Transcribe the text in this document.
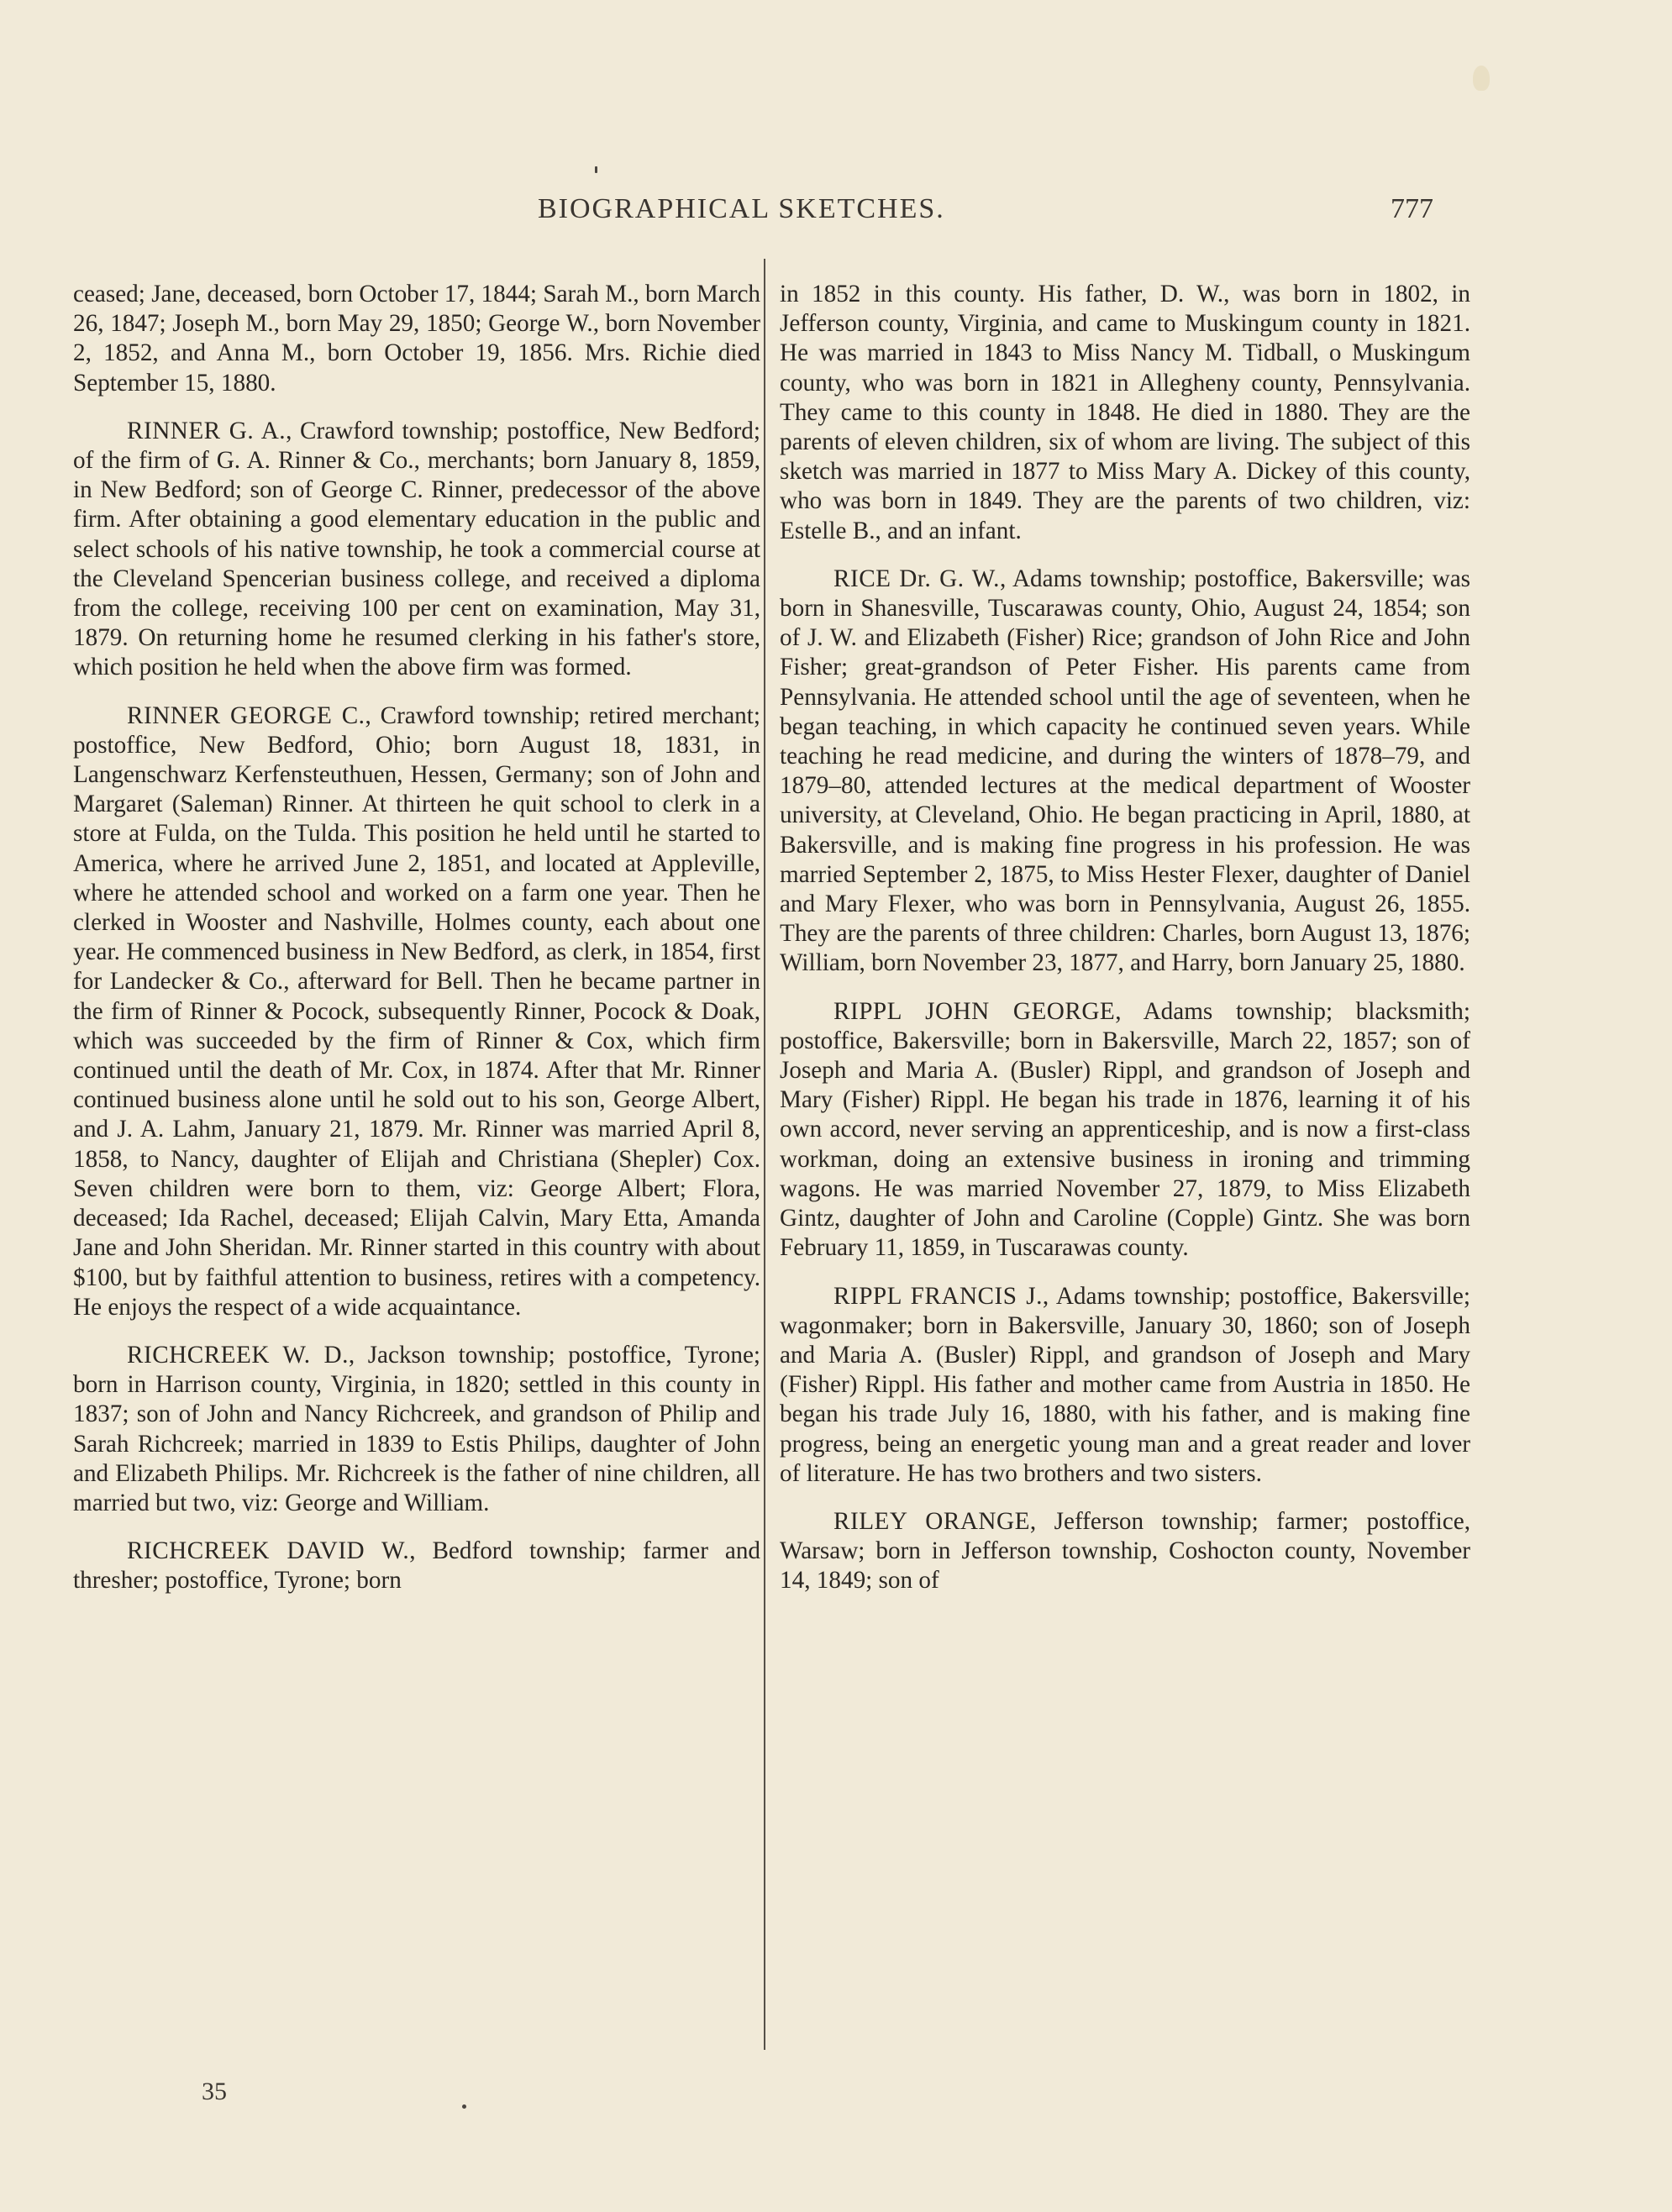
BIOGRAPHICAL SKETCHES.	777

ceased; Jane, deceased, born October 17, 1844; Sarah M., born March 26, 1847; Joseph M., born May 29, 1850; George W., born November 2, 1852, and Anna M., born October 19, 1856. Mrs. Richie died September 15, 1880.

RINNER G. A., Crawford township; postoffice, New Bedford; of the firm of G. A. Rinner & Co., merchants; born January 8, 1859, in New Bedford; son of George C. Rinner, predecessor of the above firm. After obtaining a good elementary education in the public and select schools of his native township, he took a commercial course at the Cleveland Spencerian business college, and received a diploma from the college, receiving 100 per cent on examination, May 31, 1879. On returning home he resumed clerking in his father's store, which position he held when the above firm was formed.

RINNER GEORGE C., Crawford township; retired merchant; postoffice, New Bedford, Ohio; born August 18, 1831, in Langenschwarz Kerfensteuthuen, Hessen, Germany; son of John and Margaret (Saleman) Rinner. At thirteen he quit school to clerk in a store at Fulda, on the Tulda. This position he held until he started to America, where he arrived June 2, 1851, and located at Appleville, where he attended school and worked on a farm one year. Then he clerked in Wooster and Nashville, Holmes county, each about one year. He commenced business in New Bedford, as clerk, in 1854, first for Landecker & Co., afterward for Bell. Then he became partner in the firm of Rinner & Pocock, subsequently Rinner, Pocock & Doak, which was succeeded by the firm of Rinner & Cox, which firm continued until the death of Mr. Cox, in 1874. After that Mr. Rinner continued business alone until he sold out to his son, George Albert, and J. A. Lahm, January 21, 1879. Mr. Rinner was married April 8, 1858, to Nancy, daughter of Elijah and Christiana (Shepler) Cox. Seven children were born to them, viz: George Albert; Flora, deceased; Ida Rachel, deceased; Elijah Calvin, Mary Etta, Amanda Jane and John Sheridan. Mr. Rinner started in this country with about $100, but by faithful attention to business, retires with a competency. He enjoys the respect of a wide acquaintance.

RICHCREEK W. D., Jackson township; postoffice, Tyrone; born in Harrison county, Virginia, in 1820; settled in this county in 1837; son of John and Nancy Richcreek, and grandson of Philip and Sarah Richcreek; married in 1839 to Estis Philips, daughter of John and Elizabeth Philips. Mr. Richcreek is the father of nine children, all married but two, viz: George and William.

RICHCREEK DAVID W., Bedford township; farmer and thresher; postoffice, Tyrone; born

in 1852 in this county. His father, D. W., was born in 1802, in Jefferson county, Virginia, and came to Muskingum county in 1821. He was married in 1843 to Miss Nancy M. Tidball, o Muskingum county, who was born in 1821 in Allegheny county, Pennsylvania. They came to this county in 1848. He died in 1880. They are the parents of eleven children, six of whom are living. The subject of this sketch was married in 1877 to Miss Mary A. Dickey of this county, who was born in 1849. They are the parents of two children, viz: Estelle B., and an infant.

RICE Dr. G. W., Adams township; postoffice, Bakersville; was born in Shanesville, Tuscarawas county, Ohio, August 24, 1854; son of J. W. and Elizabeth (Fisher) Rice; grandson of John Rice and John Fisher; great-grandson of Peter Fisher. His parents came from Pennsylvania. He attended school until the age of seventeen, when he began teaching, in which capacity he continued seven years. While teaching he read medicine, and during the winters of 1878–79, and 1879–80, attended lectures at the medical department of Wooster university, at Cleveland, Ohio. He began practicing in April, 1880, at Bakersville, and is making fine progress in his profession. He was married September 2, 1875, to Miss Hester Flexer, daughter of Daniel and Mary Flexer, who was born in Pennsylvania, August 26, 1855. They are the parents of three children: Charles, born August 13, 1876; William, born November 23, 1877, and Harry, born January 25, 1880.

RIPPL JOHN GEORGE, Adams township; blacksmith; postoffice, Bakersville; born in Bakersville, March 22, 1857; son of Joseph and Maria A. (Busler) Rippl, and grandson of Joseph and Mary (Fisher) Rippl. He began his trade in 1876, learning it of his own accord, never serving an apprenticeship, and is now a first-class workman, doing an extensive business in ironing and trimming wagons. He was married November 27, 1879, to Miss Elizabeth Gintz, daughter of John and Caroline (Copple) Gintz. She was born February 11, 1859, in Tuscarawas county.

RIPPL FRANCIS J., Adams township; postoffice, Bakersville; wagonmaker; born in Bakersville, January 30, 1860; son of Joseph and Maria A. (Busler) Rippl, and grandson of Joseph and Mary (Fisher) Rippl. His father and mother came from Austria in 1850. He began his trade July 16, 1880, with his father, and is making fine progress, being an energetic young man and a great reader and lover of literature. He has two brothers and two sisters.

RILEY ORANGE, Jefferson township; farmer; postoffice, Warsaw; born in Jefferson township, Coshocton county, November 14, 1849; son of

35
